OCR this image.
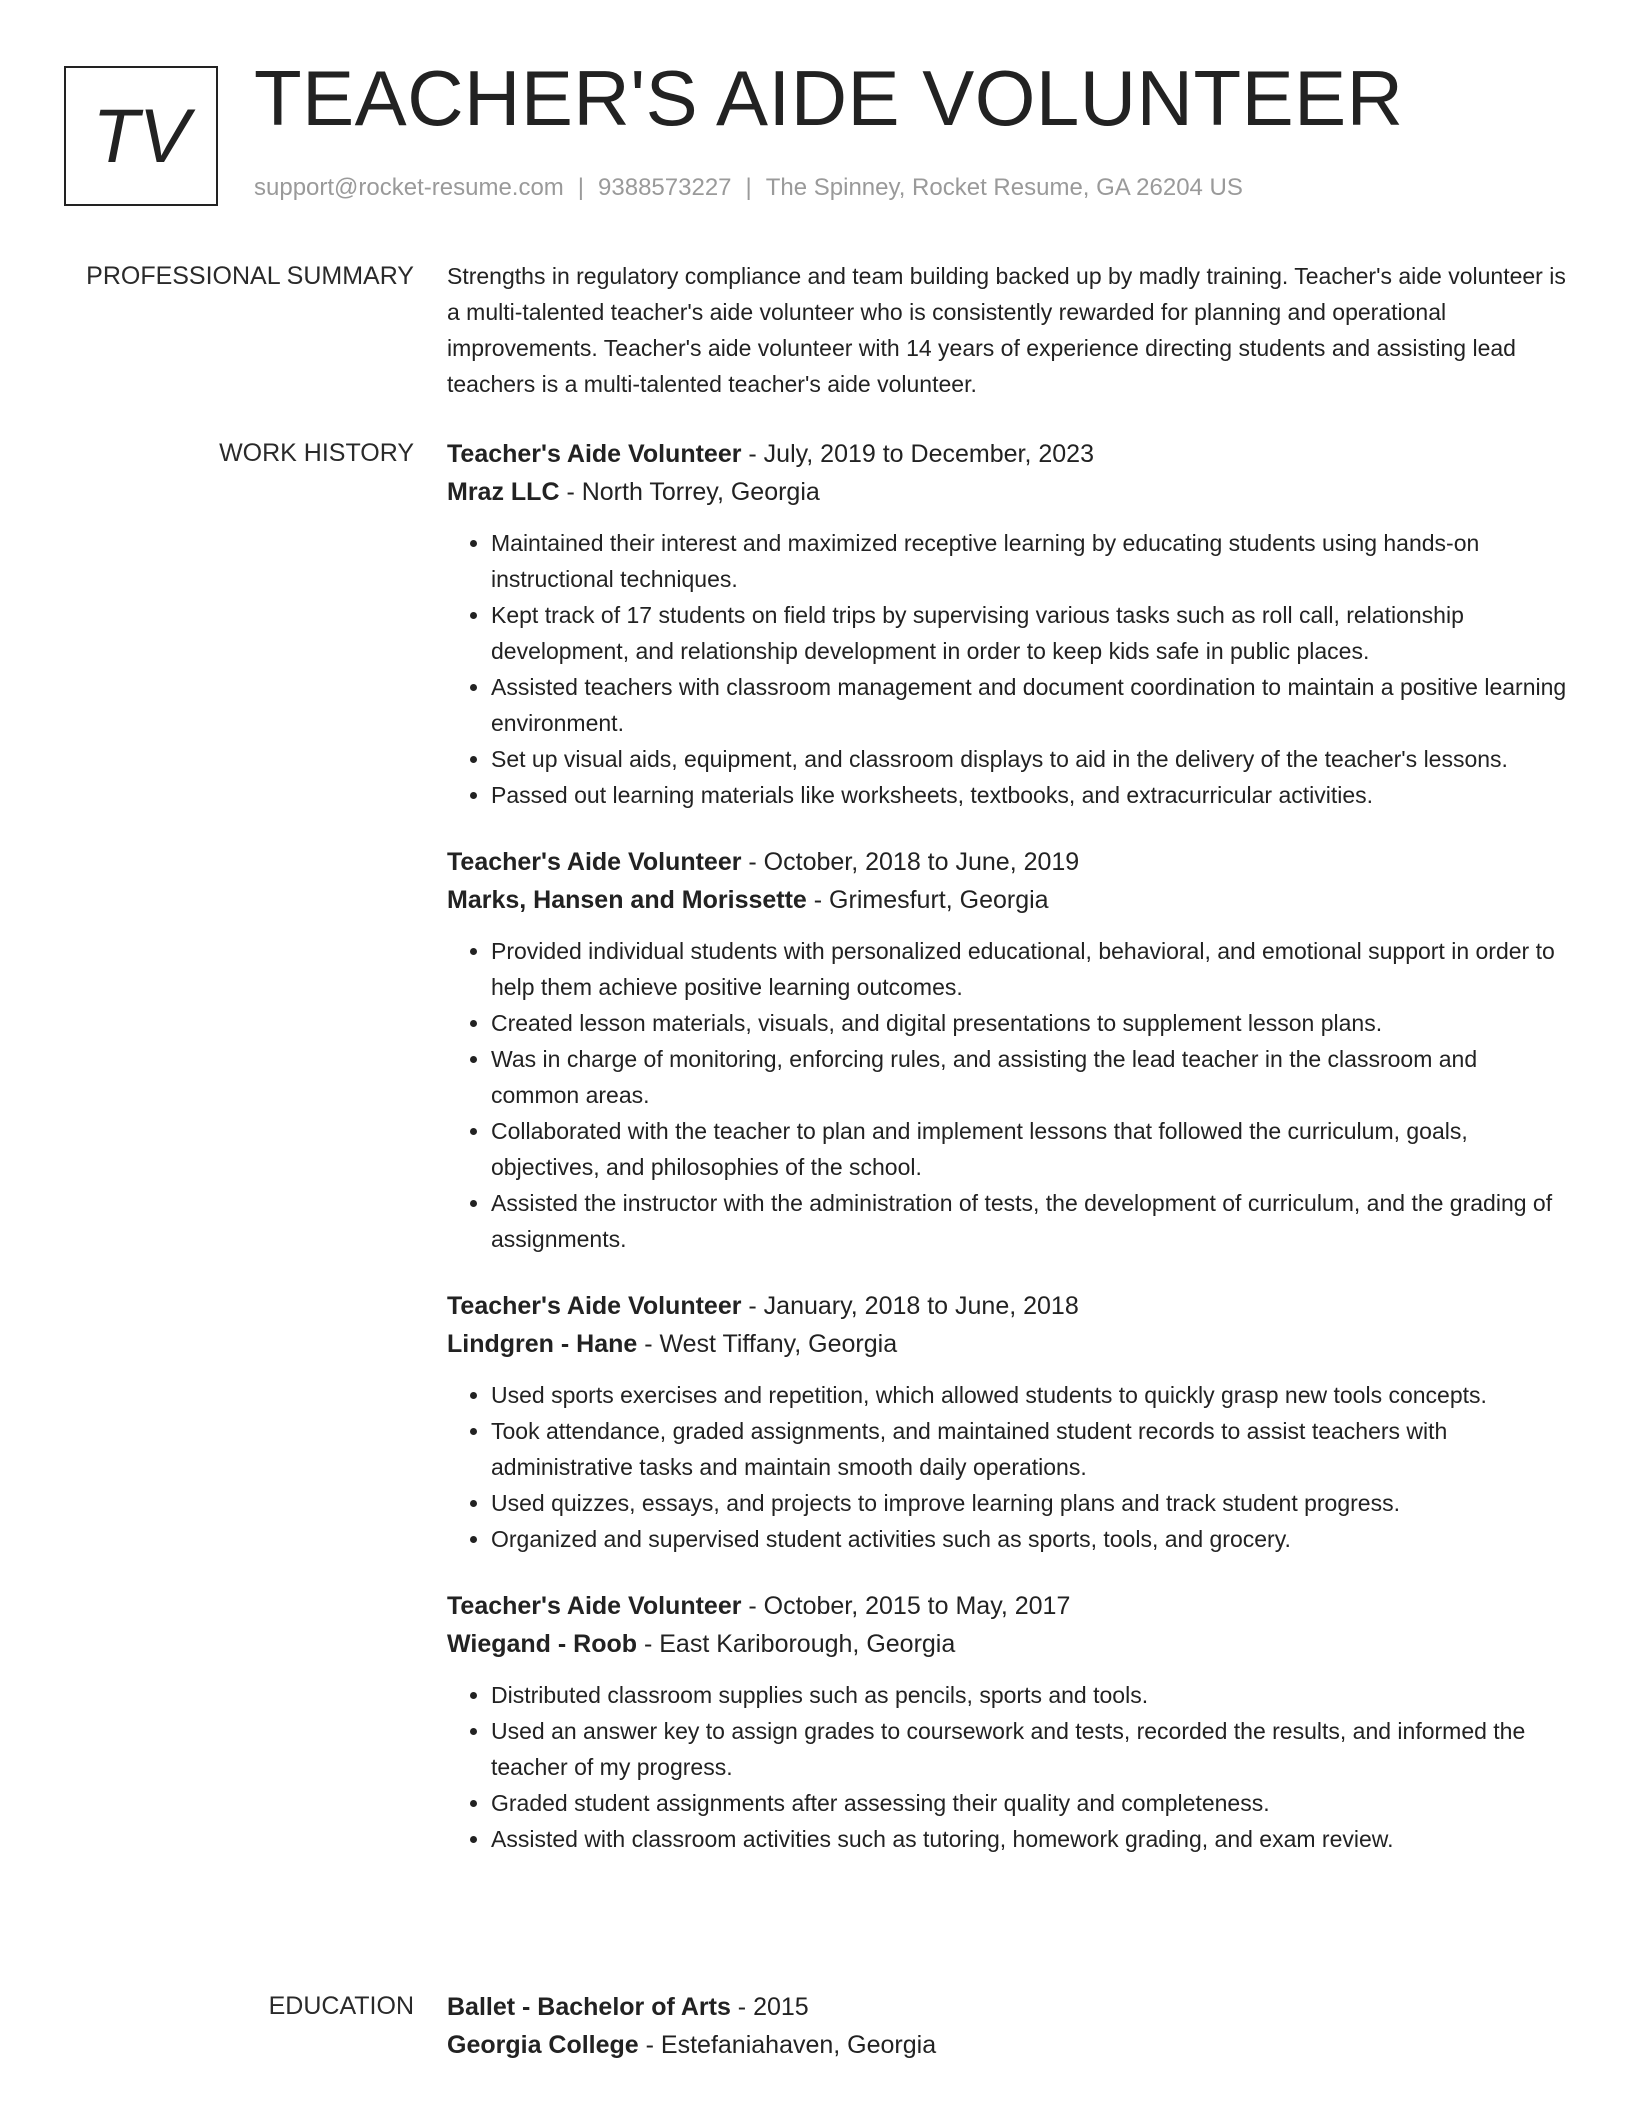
TV TEACHER'S AIDE VOLUNTEER
support@rocket-resume.com | 9388573227 | The Spinney, Rocket Resume, GA 26204 US
PROFESSIONAL SUMMARY Strengths in regulatory compliance and team building backed up by madly training. Teacher's aide volunteer is a multi-talented teacher's aide volunteer who is consistently rewarded for planning and operational improvements. Teacher's aide volunteer with 14 years of experience directing students and assisting lead teachers is a multi-talented teacher's aide volunteer.

WORK HISTORY Teacher's Aide Volunteer - July, 2019 to December, 2023
Mraz LLC - North Torrey, Georgia
• Maintained their interest and maximized receptive learning by educating students using hands-on instructional techniques.
• Kept track of 17 students on field trips by supervising various tasks such as roll call, relationship development, and relationship development in order to keep kids safe in public places.
• Assisted teachers with classroom management and document coordination to maintain a positive learning environment.
• Set up visual aids, equipment, and classroom displays to aid in the delivery of the teacher's lessons.
• Passed out learning materials like worksheets, textbooks, and extracurricular activities.
Teacher's Aide Volunteer - October, 2018 to June, 2019
Marks, Hansen and Morissette - Grimesfurt, Georgia
• Provided individual students with personalized educational, behavioral, and emotional support in order to help them achieve positive learning outcomes.
• Created lesson materials, visuals, and digital presentations to supplement lesson plans.
• Was in charge of monitoring, enforcing rules, and assisting the lead teacher in the classroom and common areas.
• Collaborated with the teacher to plan and implement lessons that followed the curriculum, goals, objectives, and philosophies of the school.
• Assisted the instructor with the administration of tests, the development of curriculum, and the grading of assignments.
Teacher's Aide Volunteer - January, 2018 to June, 2018
Lindgren - Hane - West Tiffany, Georgia
• Used sports exercises and repetition, which allowed students to quickly grasp new tools concepts.
• Took attendance, graded assignments, and maintained student records to assist teachers with administrative tasks and maintain smooth daily operations.
• Used quizzes, essays, and projects to improve learning plans and track student progress.
• Organized and supervised student activities such as sports, tools, and grocery.
Teacher's Aide Volunteer - October, 2015 to May, 2017
Wiegand - Roob - East Kariborough, Georgia
• Distributed classroom supplies such as pencils, sports and tools.
• Used an answer key to assign grades to coursework and tests, recorded the results, and informed the teacher of my progress.
• Graded student assignments after assessing their quality and completeness.
• Assisted with classroom activities such as tutoring, homework grading, and exam review.
EDUCATION Ballet - Bachelor of Arts - 2015
Georgia College - Estefaniahaven, Georgia
